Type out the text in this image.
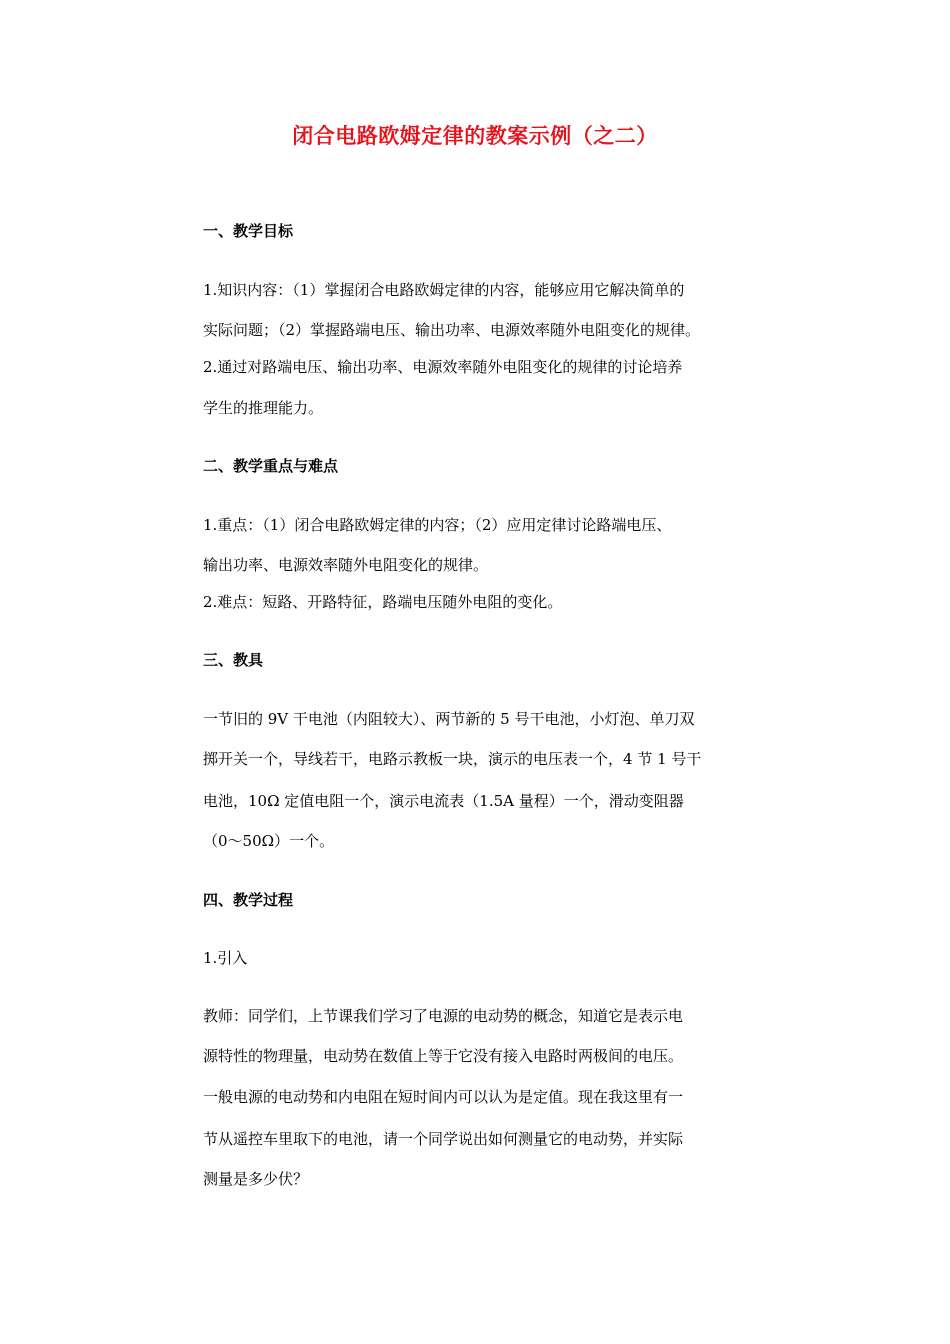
闭合电路欧姆定律的教案示例（之二）
一、教学目标
1.知识内容：（1）掌握闭合电路欧姆定律的内容，能够应用它解决简单的
实际问题；（2）掌握路端电压、输出功率、电源效率随外电阻变化的规律。
2.通过对路端电压、输出功率、电源效率随外电阻变化的规律的讨论培养
学生的推理能力。
二、教学重点与难点
1.重点：（1）闭合电路欧姆定律的内容；（2）应用定律讨论路端电压、
输出功率、电源效率随外电阻变化的规律。
2.难点：短路、开路特征，路端电压随外电阻的变化。
三、教具
一节旧的 9V 干电池（内阻较大）、两节新的 5 号干电池，小灯泡、单刀双
掷开关一个，导线若干，电路示教板一块，演示的电压表一个，4 节 1 号干
电池，10Ω 定值电阻一个，演示电流表（1.5A 量程）一个，滑动变阻器
（0～50Ω）一个。
四、教学过程
1.引入
教师：同学们，上节课我们学习了电源的电动势的概念，知道它是表示电
源特性的物理量，电动势在数值上等于它没有接入电路时两极间的电压。
一般电源的电动势和内电阻在短时间内可以认为是定值。现在我这里有一
节从遥控车里取下的电池，请一个同学说出如何测量它的电动势，并实际
测量是多少伏？
